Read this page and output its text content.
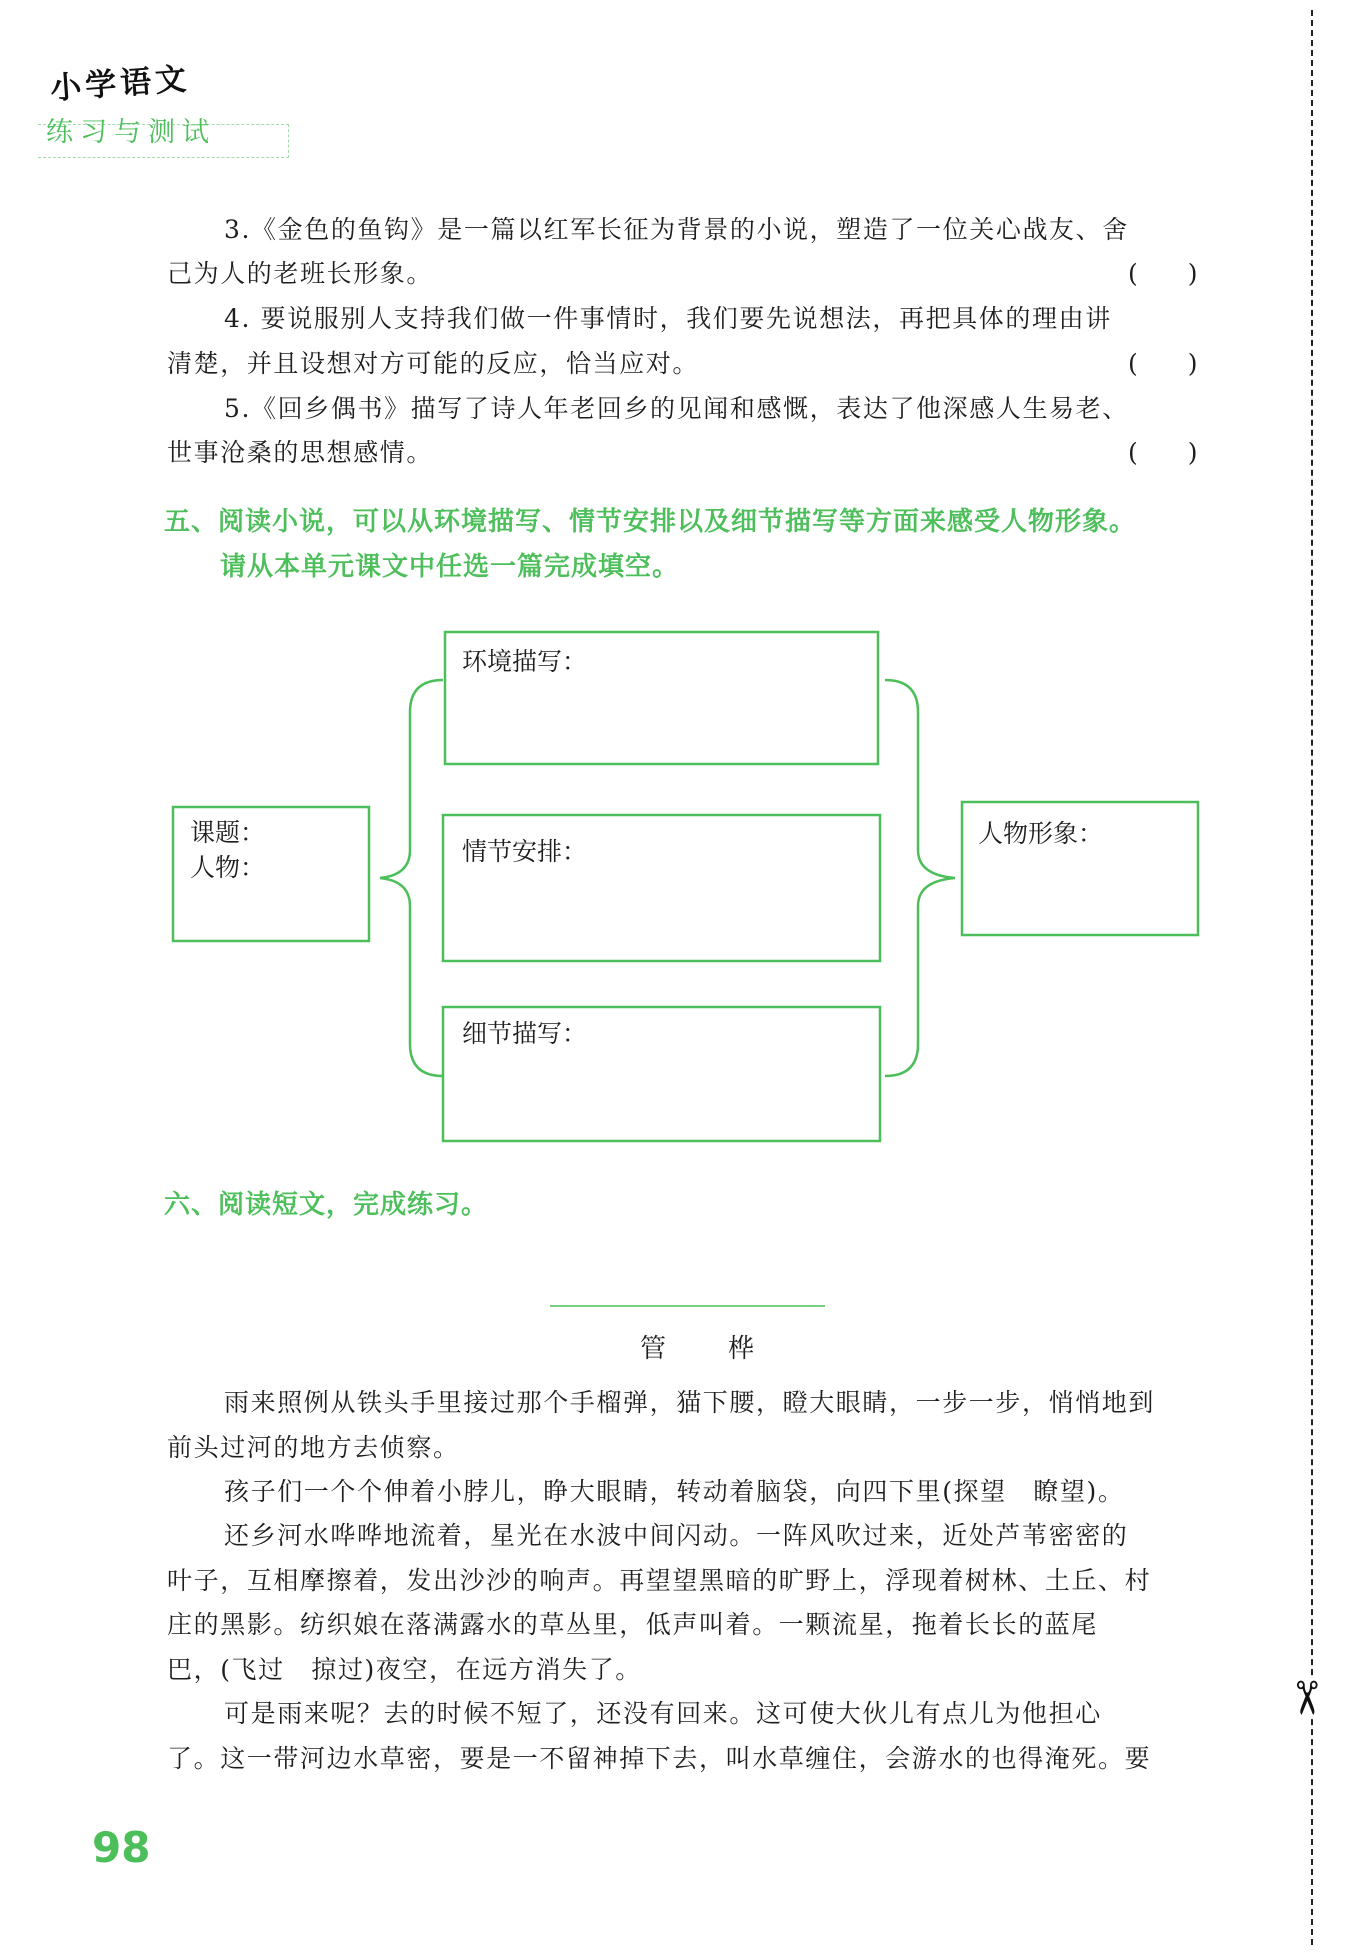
小学语文
练习与测试
✂
3.《金色的鱼钩》是一篇以红军长征为背景的小说，塑造了一位关心战友、舍
己为人的老班长形象。	(　　)
4. 要说服别人支持我们做一件事情时，我们要先说想法，再把具体的理由讲
清楚，并且设想对方可能的反应，恰当应对。	(　　)
5.《回乡偶书》描写了诗人年老回乡的见闻和感慨，表达了他深感人生易老、
世事沧桑的思想感情。	(　　)
五、阅读小说，可以从环境描写、情节安排以及细节描写等方面来感受人物形象。
请从本单元课文中任选一篇完成填空。
课题：
人物：
环境描写：
情节安排：
细节描写：
人物形象：
六、阅读短文，完成练习。
管　桦
雨来照例从铁头手里接过那个手榴弹，猫下腰，瞪大眼睛，一步一步，悄悄地到
前头过河的地方去侦察。
孩子们一个个伸着小脖儿，睁大眼睛，转动着脑袋，向四下里(探望　瞭望)。
还乡河水哗哗地流着，星光在水波中间闪动。一阵风吹过来，近处芦苇密密的
叶子，互相摩擦着，发出沙沙的响声。再望望黑暗的旷野上，浮现着树林、土丘、村
庄的黑影。纺织娘在落满露水的草丛里，低声叫着。一颗流星，拖着长长的蓝尾
巴，(飞过　掠过)夜空，在远方消失了。
可是雨来呢？去的时候不短了，还没有回来。这可使大伙儿有点儿为他担心
了。这一带河边水草密，要是一不留神掉下去，叫水草缠住，会游水的也得淹死。要
98
